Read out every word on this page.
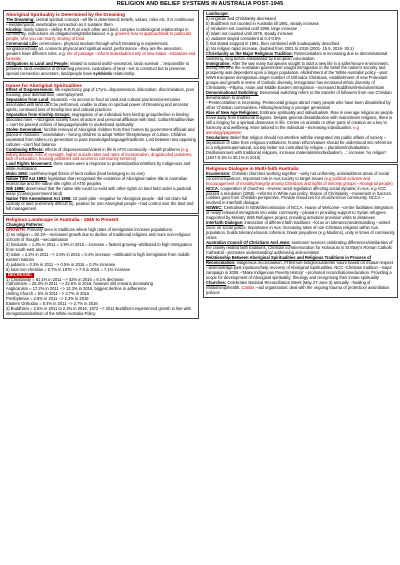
RELIGION AND BELIEF SYSTEMS IN AUSTRALIA POST-1945
Aboriginal Spirituality is Determined by the Dreaming

The Dreaming: central spiritual concept --all life is determined; beliefs, values, roles etc. it is continuous --metatemporal, inextricable connection as it sustains them

Kinship: family totems --define R.R.R w/ each other and land, complex nonbiological relationships in community, instructions on obligations/rights/behaviour. e.g. governs how to approach/talk to particular people, who you can marry, sharing of food

Ceremonial Life: ceremonies= physical medium through which Dreaming is experienced, song/dance/body art, connects physical and spiritual world, performance --they are the ancestors, genders have different roles. e.g. rite of passage --inform individual/society of new status --initiations and funerals

Obligations to Land and People: related to natural world--ancestors, land=survival ..'.responsible to preserve, land=evidence of Dreaming process, custodians of land --not to construct but to preserve, special connection ancestors, land/people have symbiotic relationship.

Issues for Aboriginal Spiritualities

Effect of Dispossession: life expectancy gap of 17yrs= dispossession, dislocation, discrimination, poor housing, poor diet/nutrition, unemployment

Separation from Land: traumatic --no access to food on land and cultural practices/ceremonies associated with land can't be performed, unable to draw on spiritual power of Dreaming and ancestor spirits, continued loss of Kinship ties and cultural practices

Separation from Kinship Groups: segregation of an individual from kinship group/decline in kinship allocated roles --Aboriginal society loses structure and personal affiliation with land. Culture/tradition/law = can't be passed on/loss of language/unable to understand spirituality

Stolen Generation: forcible removal of Aboriginal children from their homes by government officials and placed in missions --assimilation --forcing children to adopt 'White' lifestyle/ways of culture. Children separated from elders=no generation to pass knowledge/language/traditions. Lost between two opposing cultures --can't find balance

Continuing Effects: effects of dispossession/violent in life in ATSI community --health problems (e.g. kidney disease, loss of eyesight, higher suicide rates and rates of incarceration, drug/alcohol problems, lack of education, housing problems and access to community services)

Land Rights Movement: three cases were a response to protests/petitions/strikes by Indigenous and white Australians

Mabo 1992: overthrew legal fiction of terra nullius (land belonging to no one)

Native Title Act 1993: legislation that recognised the existence of Aboriginal native title in Australian federal law and the native title rights of ATSI peoples

Wik 1996: determined that the native title could co-exist with other rights on land held under a pastoral lease (crown/government land)

Native Title Amendment Act 1998: 10 point plan --negative for Aboriginal people --did not claim full custody of land (extremely difficult to), positive for non-Aboriginal people --had control over the land and full management

Religious Landscape in Australia - 1945 to Present

Changing Patterns:

GROWTH: Primarily seen in traditions where high rates of immigration increase populations.

1) no religion = 30.1% --increased growth due to decline of traditional religions and more non-religious schools of thought --secularisation

2) hinduism = 1.3% in 2011 = 1.9% in 2016 = increase = fastest growing--attributed to high immigration from south-east asia

3) islam = 2.2% in 2011 --> 2.6% in 2016 = 0.4% increase --attributed to high immigration from middle eastern nations

4) judaism = 0.3% in 2011 --> 0.5% in 2016 = 0.2% increase

5) total non-christian = 0.7% in 1976 --> 7.8 in 2016 = 7.1% increase

DECREASE:

1) Christianity = 61.1% in 2011 --> 52% in 2016 = 9.1% decrease

Catholicism = 25.3% in 2011 --> 22.6% in 2016, however still remains dominating

Anglicanism = 17.2% in 2011 --> 13.3% in 2016, biggest decline in adherence

Uniting Church = 5% in 2011 --> 3.7% in 2016

Presbyterian = 2.8% in 2011 --> 2.3% in 2016

Eastern Orthodox = 8.4% in 2011 --> 2.7% in 2016

2) Buddhism = 2.5% in 2011 to 2.4% in 2016, 1972 --> 2011 Buddhism experienced growth in line with immigration/abolition of the White Australia Policy

Landscape:

a) Anglican and Christianity decreased

b) Buddhism not counted in Australia till 1981, steady increase

c) Hinduism not counted until 1996, large increase

d) Islam not counted until 1976, steady increase

e) Judaism stayed consistent at 0.4-0.5%

f) Not stated stopped in 1991, then combined with inadequately described

g) No religion rapid increase, doubled from 2001 to 2016 (2001- 15.5, 2016- 30.1)

Christianity as the Major Religious Tradition: Pentecostalism in increasing due to denominational switching, long before established by European colonisation

Immigration: After the war many Europeans sought to start a new life in a safer/secure environment, during this time the Australian government sought immigration in the belief the nation's security and prosperity was dependent upon a larger population. Abolishment of the 'White Australia' policy --post WWII European immigration=larger number of Orthodox Christians, establishment of new Protestant groups and growth in terms of Catholic diversity, immigration has increased ethnic diversity of Christianity --Filipino, Asian and Middle Eastern immigration --increased Buddhism/Hinduism/Islam

Denominational Switching: Denominal switching refers to the transfer of followers from one Christian denomination to another

--Pentecostalism is increasing. Pentecostal groups attract many people who have been dissatisfied by other Christian communities, Hillsong/reaching a younger generation

Rise of New Age Religions: Embrace spirituality and individualism. Rise in new age religion as people move away from traditional religions. Despite general dissatisfaction with mainstream religions, there is still a longing for a spiritual dimension in life. Centre on animals or other parts of creation as a key to harmony and wellbeing. More tailored to the individual --increasing individualism. e.g astrology/paganism

Secularism: Belief that religion should not interfere with/be integrated into public affairs of society --separation of state from religious institutions, human ethics/values should be understood w/o reference to a religion/supernatural, society better not controlled by religion = pluralism/individualism. Disillusionment with traditional religions, increase materialism/individualism, ..'..increase 'no religion' (1947-0.3% to 30.1% in 2016)

Religious Dialogue in Multi-faith Australia

Ecumenism: Christian churches working together --unity not uniformity, unite/address areas of social concerns/injustices. Important role in Aus society to target issues (e.g political activism and encouragement of morality/integrity among Christians and rights of minority groups --Aboriginal people)

NCCA: cooperation of churches --reverse racist legislation affecting social dynamic in Aus. e.g ACC passed a resolution (1956) --reforms in White Aus policy. Stance of Christianity --movement in Sacrum. Lobbies govs from Christian perspective. Provide resources for churches/Aus community. NCCA --involved in interfaith dialogue

NSWEC: Centralised in NSW/denomination of NCCA. House of Welcome --centre facilitates integration of newly released immigrants into wider community --pivotal in providing support to Syrian refugees. Supported by Ministry With Refugees project, providing activities/ provision visits to detainees

Interfaith Dialogue: interaction of different faith traditions --focus on tolerance/understanding --united voice on social justice. Importance in Aus: increasing rates of non-Christian religions within Aus. population, builds tolerance/social cohesion, break prejudices (e.g Muslims), unity in times of community crises

Australian Council Of Christians And Jews: seminars/ services celebrating differences/similarities of the closely related faith traditions, Christian commemoration for Holocaust in St Mary's Roman Catholic Cathedral --promotes understanding/ addressing anti-semitism

Relationship Between Aboriginal Spiritualities and Religious Traditions in Process of Reconciliation: Indigenous reconciliation: ATSIs/non-Indigenous/better future based on mutual respect --acknowledge past injustices/help recovery of Aboriginal Spiritualities. NCC--Christian tradition --major campaign in 2006 --'Make Indigenous Poverty History' --promoted reconciliation/education. Providing a scope for development of Aboriginal spirituality; theology and recognising their innate spirituality

Churches: Celebrates National Reconciliation Week (May 27-June 3) annually --healing of relationship/health. Caritas --aid organisation: deal with the ongoing trauma of protection/ assimilation policies
